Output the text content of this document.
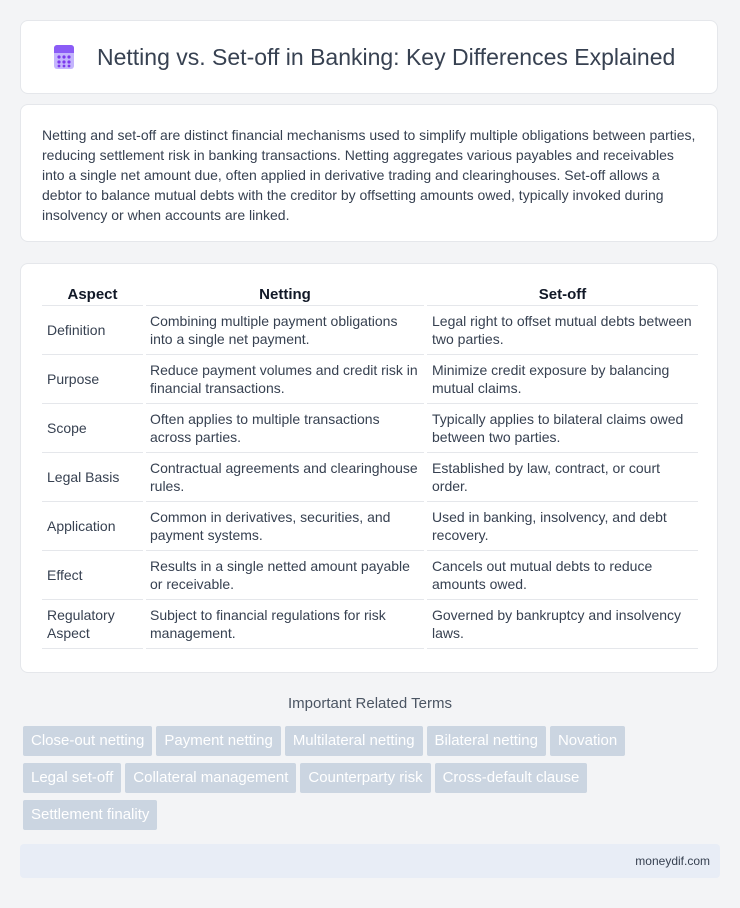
Netting vs. Set-off in Banking: Key Differences Explained

Netting and set-off are distinct financial mechanisms used to simplify multiple obligations between parties, reducing settlement risk in banking transactions. Netting aggregates various payables and receivables into a single net amount due, often applied in derivative trading and clearinghouses. Set-off allows a debtor to balance mutual debts with the creditor by offsetting amounts owed, typically invoked during insolvency or when accounts are linked.

Aspect	Netting	Set-off
Definition	Combining multiple payment obligations into a single net payment.	Legal right to offset mutual debts between two parties.
Purpose	Reduce payment volumes and credit risk in financial transactions.	Minimize credit exposure by balancing mutual claims.
Scope	Often applies to multiple transactions across parties.	Typically applies to bilateral claims owed between two parties.
Legal Basis	Contractual agreements and clearinghouse rules.	Established by law, contract, or court order.
Application	Common in derivatives, securities, and payment systems.	Used in banking, insolvency, and debt recovery.
Effect	Results in a single netted amount payable or receivable.	Cancels out mutual debts to reduce amounts owed.
Regulatory Aspect	Subject to financial regulations for risk management.	Governed by bankruptcy and insolvency laws.
Important Related Terms
Close-out netting Payment netting Multilateral netting Bilateral netting Novation
Legal set-off Collateral management Counterparty risk Cross-default clause
Settlement finality
moneydif.com
